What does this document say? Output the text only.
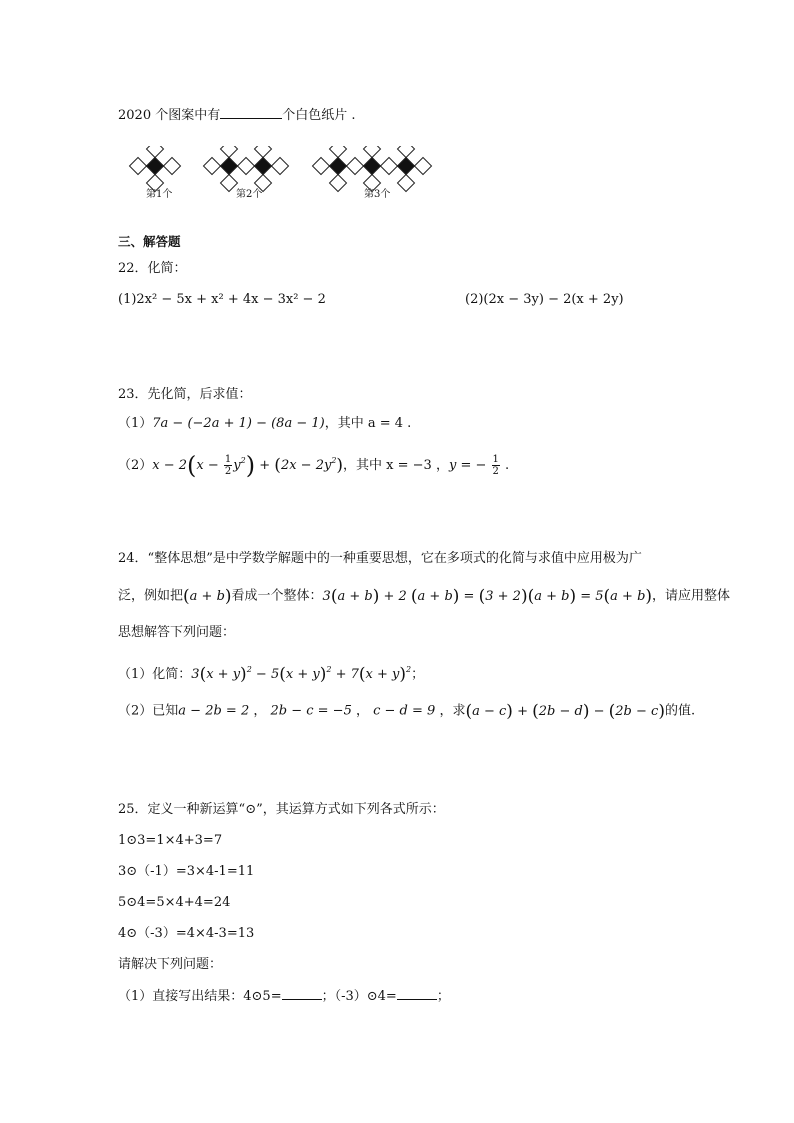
2020 个图案中有	个白色纸片 .
第1个	第2个	第3个
三、解答题
22．化简：
(1)2x² − 5x + x² + 4x − 3x² − 2	(2)(2x − 3y) − 2(x + 2y)
23．先化简，后求值：
（1）7a − (−2a + 1) − (8a − 1)，其中 a = 4 .
$(2)x - 2(x - \frac{1}{2} y^2) + (2x - 2y^2)$，其中 x = −3 ，y = − $\frac{1}{2}$ .
24．“整体思想”是中学数学解题中的一种重要思想，它在多项式的化简与求值中应用极为广
泛，例如把(a + b)看成一个整体：3(a + b) + 2 (a + b) = (3 + 2)(a + b) = 5(a + b)，请应用整体
思想解答下列问题：
（1）化简：$3(x + y)^2 - 5(x + y)^2 + 7(x + y)^2$；
（2）已知a − 2b = 2 ， 2b − c = −5 ， c − d = 9 ，求(a − c) + (2b − d) − (2b − c)的值.
25．定义一种新运算“⊙”，其运算方式如下列各式所示：
1⊙3=1×4+3=7
3⊙（-1）=3×4-1=11
5⊙4=5×4+4=24
4⊙（-3）=4×4-3=13
请解决下列问题：
（1）直接写出结果：4⊙5=	；（-3）⊙4=	；
